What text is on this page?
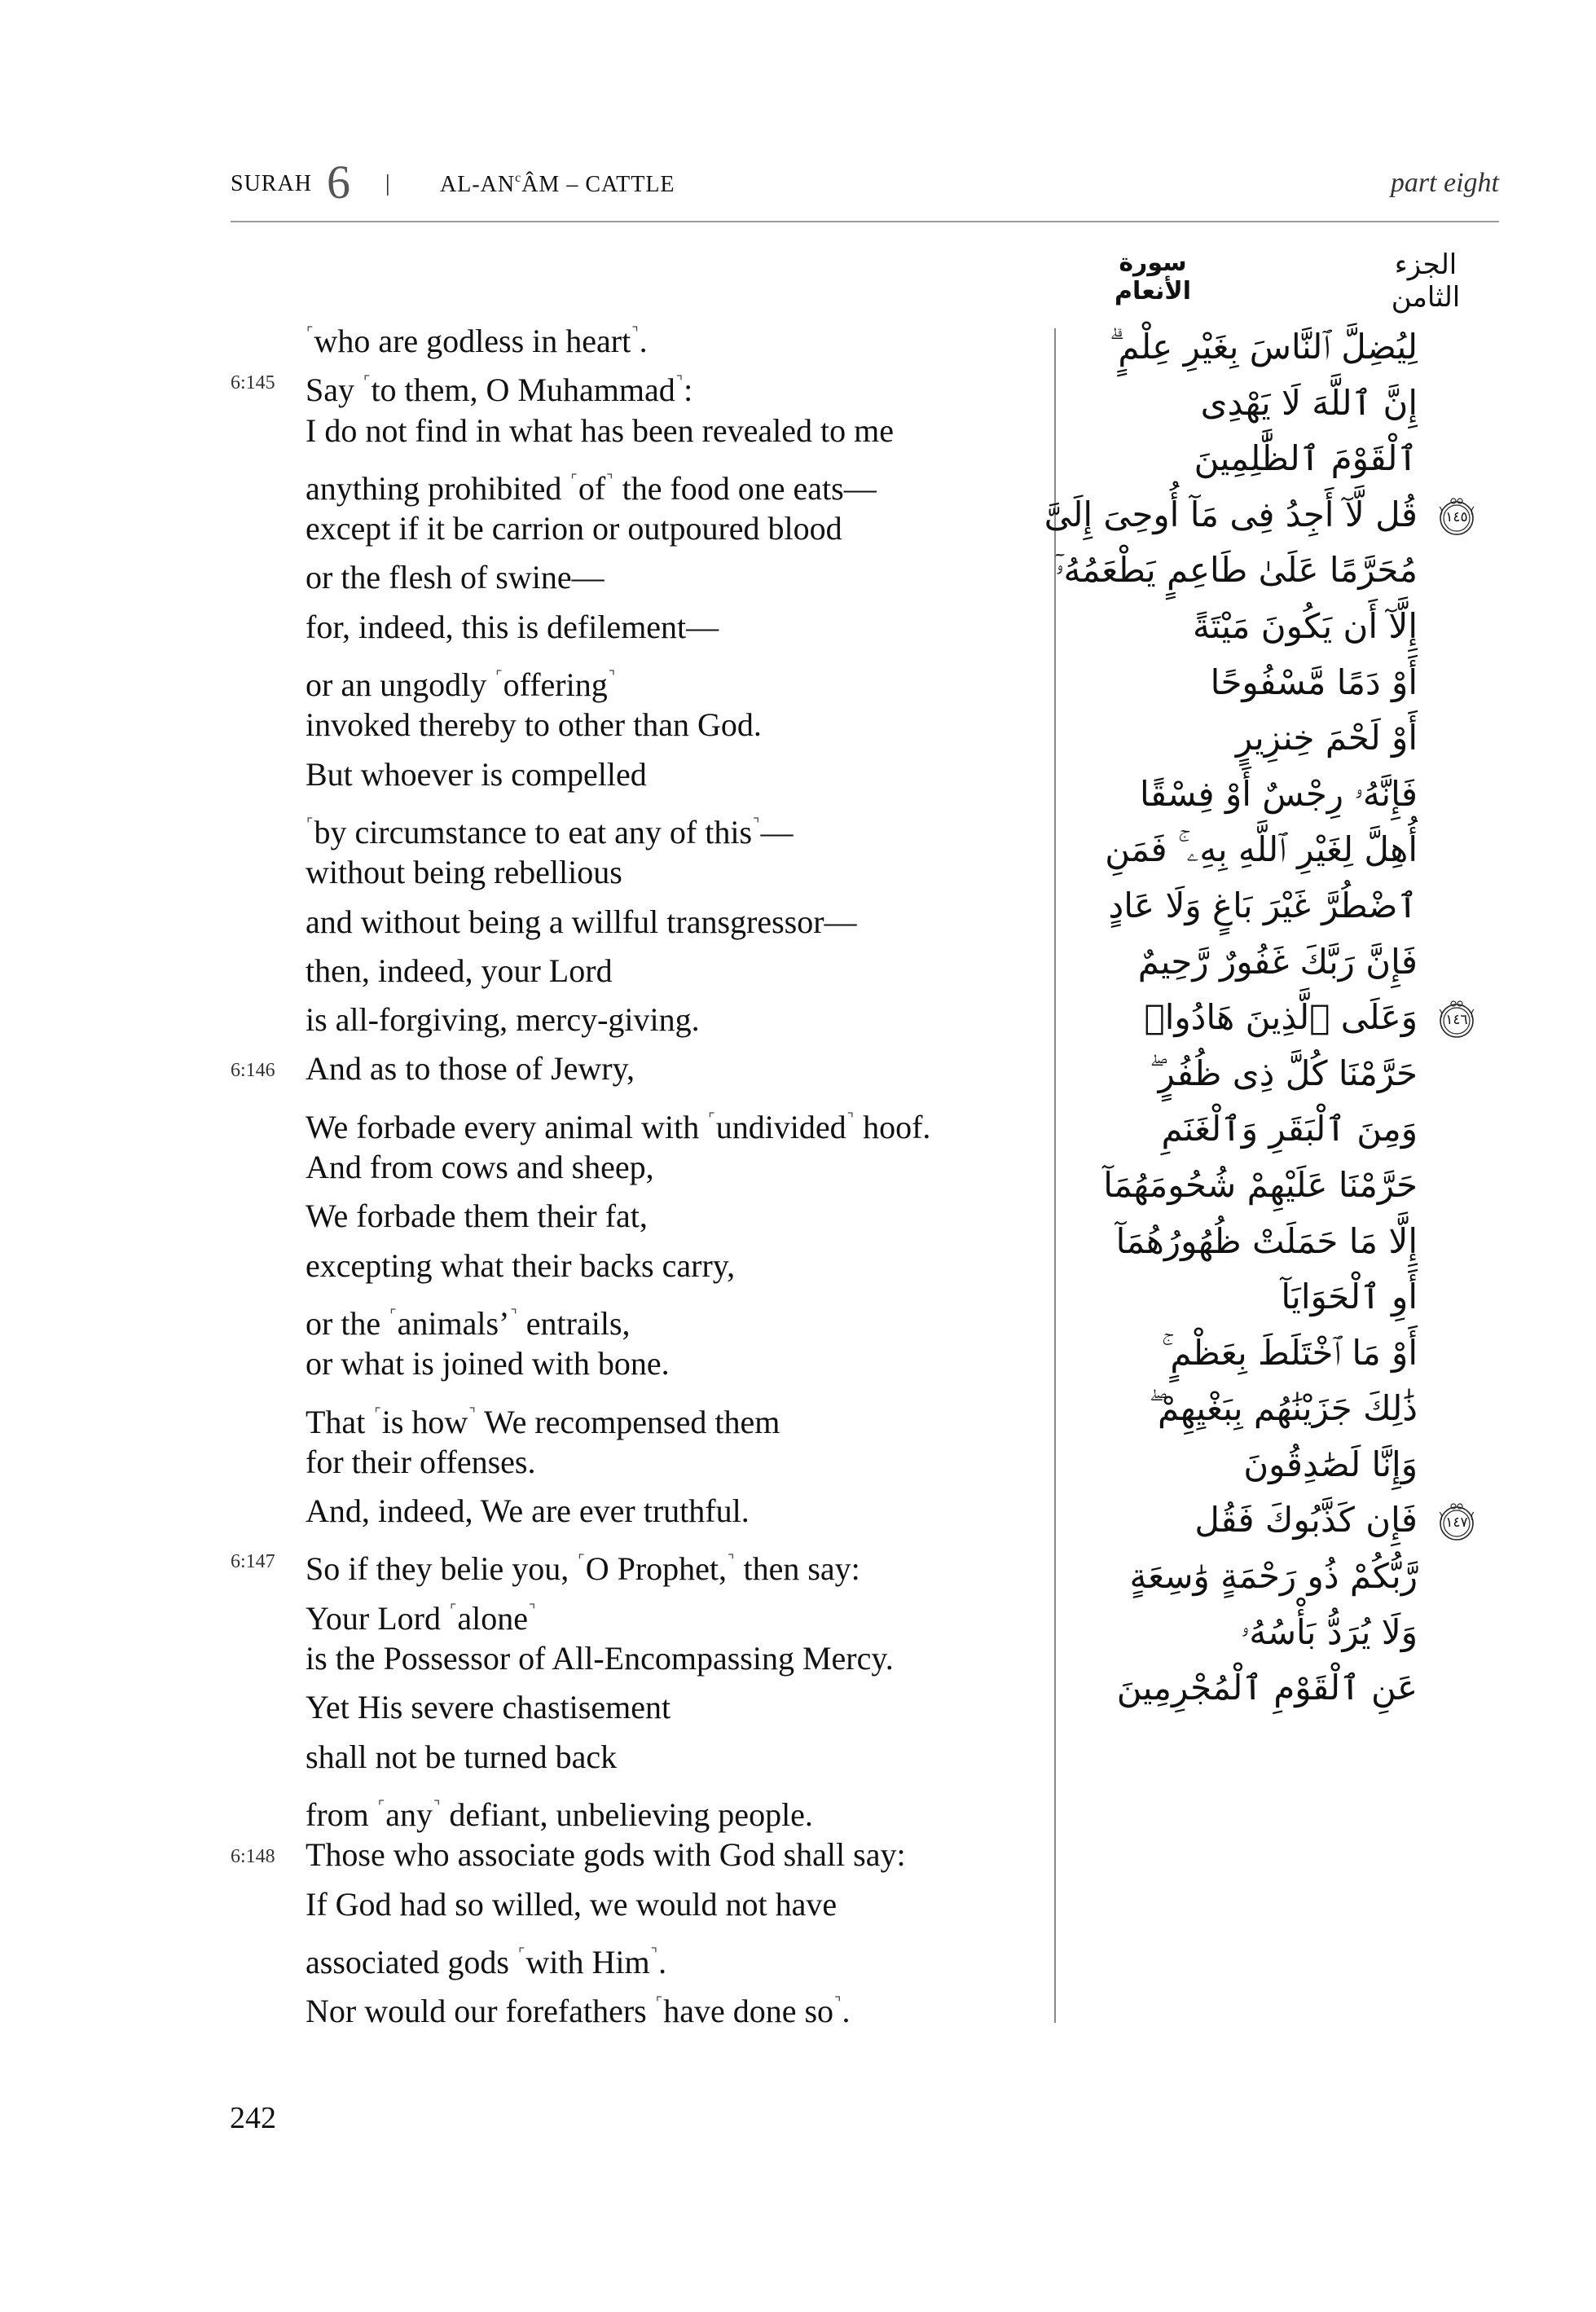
SURAH 6 | $AL-AN^cÂM$ – CATTLE	part eight
الجزء الثامن
سورة الأنعام
⌜who are godless in heart⌝.
6:145 Say ⌜to them, O Muhammad⌝:
I do not find in what has been revealed to me
anything prohibited ⌜of⌝ the food one eats—
except if it be carrion or outpoured blood
or the flesh of swine—
for, indeed, this is defilement—
or an ungodly ⌜offering⌝
invoked thereby to other than God.
But whoever is compelled
⌜by circumstance to eat any of this⌝—
without being rebellious
and without being a willful transgressor—
then, indeed, your Lord
is all-forgiving, mercy-giving.
6:146 And as to those of Jewry,
We forbade every animal with ⌜undivided⌝ hoof.
And from cows and sheep,
We forbade them their fat,
excepting what their backs carry,
or the ⌜animals’⌝ entrails,
or what is joined with bone.
That ⌜is how⌝ We recompensed them
for their offenses.
And, indeed, We are ever truthful.
6:147 So if they belie you, ⌜O Prophet,⌝ then say:
Your Lord ⌜alone⌝
is the Possessor of All-Encompassing Mercy.
Yet His severe chastisement
shall not be turned back
from ⌜any⌝ defiant, unbelieving people.
6:148 Those who associate gods with God shall say:
If God had so willed, we would not have
associated gods ⌜with Him⌝.
Nor would our forefathers ⌜have done so⌝.
لِيُضِلَّ ٱلنَّاسَ بِغَيْرِ عِلْمٍ ۗ
إِنَّ ٱللَّهَ لَا يَهْدِى
ٱلْقَوْمَ ٱلظَّٰلِمِينَ
قُل لَّآ أَجِدُ فِى مَآ أُوحِىَ إِلَىَّ	١٤٥
مُحَرَّمًا عَلَىٰ طَاعِمٍ يَطْعَمُهُۥٓ
إِلَّآ أَن يَكُونَ مَيْتَةً
أَوْ دَمًا مَّسْفُوحًا
أَوْ لَحْمَ خِنزِيرٍ
فَإِنَّهُۥ رِجْسٌ أَوْ فِسْقًا
أُهِلَّ لِغَيْرِ ٱللَّهِ بِهِۦ ۚ فَمَنِ
ٱضْطُرَّ غَيْرَ بَاغٍ وَلَا عَادٍ
فَإِنَّ رَبَّكَ غَفُورٌ رَّحِيمٌ
وَعَلَى ٱلَّذِينَ هَادُوا۟	١٤٦
حَرَّمْنَا كُلَّ ذِى ظُفُرٍ ۖ
وَمِنَ ٱلْبَقَرِ وَٱلْغَنَمِ
حَرَّمْنَا عَلَيْهِمْ شُحُومَهُمَآ
إِلَّا مَا حَمَلَتْ ظُهُورُهُمَآ
أَوِ ٱلْحَوَايَآ
أَوْ مَا ٱخْتَلَطَ بِعَظْمٍ ۚ
ذَٰلِكَ جَزَيْنَٰهُم بِبَغْيِهِمْ ۖ
وَإِنَّا لَصَٰدِقُونَ
فَإِن كَذَّبُوكَ فَقُل	١٤٧
رَّبُّكُمْ ذُو رَحْمَةٍ وَٰسِعَةٍ
وَلَا يُرَدُّ بَأْسُهُۥ
عَنِ ٱلْقَوْمِ ٱلْمُجْرِمِينَ
242
